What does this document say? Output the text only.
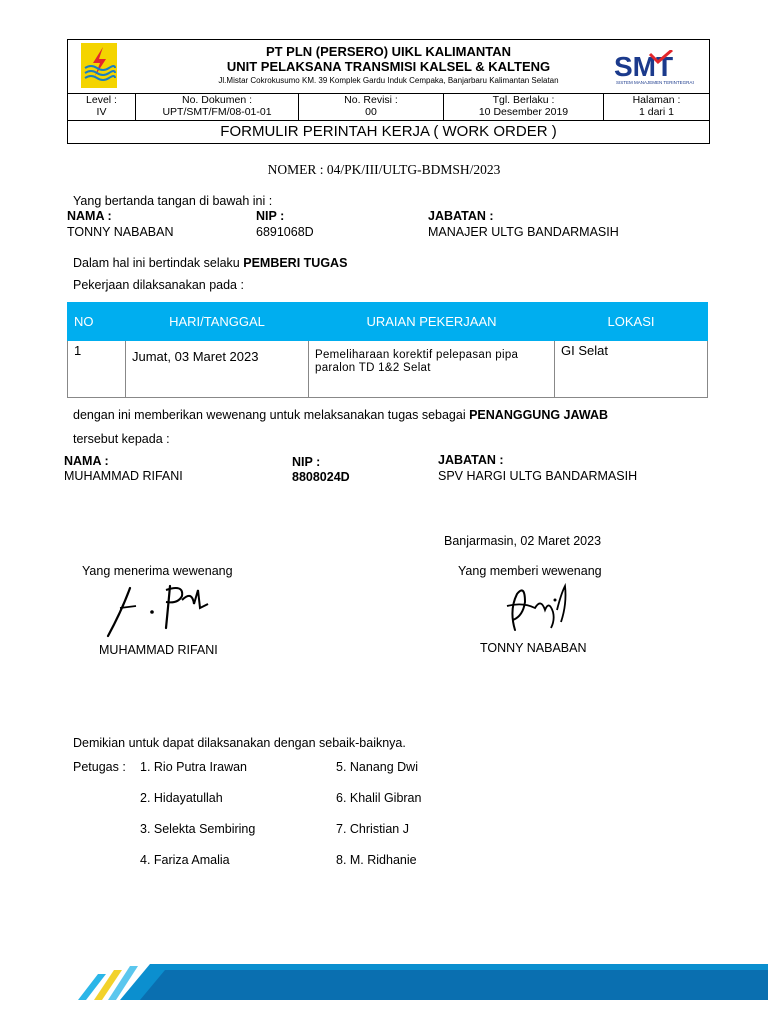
PT PLN (PERSERO) UIKL KALIMANTAN
UNIT PELAKSANA TRANSMISI KALSEL & KALTENG
Jl.Mistar Cokrokusumo KM. 39 Komplek Gardu Induk Cempaka, Banjarbaru Kalimantan Selatan	SMT
SISTEM MANAJEMEN TERINTEGRASI
Level :
IV
No. Dokumen :
UPT/SMT/FM/08-01-01
No. Revisi :
00
Tgl. Berlaku :
10 Desember 2019
Halaman :
1 dari 1
FORMULIR PERINTAH KERJA ( WORK ORDER )
NOMER : 04/PK/III/ULTG-BDMSH/2023
Yang bertanda tangan di bawah ini :
NAMA :	NIP :	JABATAN :
TONNY NABABAN	6891068D	MANAJER ULTG BANDARMASIH
Dalam hal ini bertindak selaku PEMBERI TUGAS
Pekerjaan dilaksanakan pada :
NO	HARI/TANGGAL	URAIAN PEKERJAAN	LOKASI
1	Jumat, 03 Maret 2023	Pemeliharaan korektif pelepasan pipa paralon TD 1&2 Selat	GI Selat
dengan ini memberikan wewenang untuk melaksanakan tugas sebagai PENANGGUNG JAWAB
tersebut kepada :
NAMA :	NIP :	JABATAN :
MUHAMMAD RIFANI	8808024D	SPV HARGI ULTG BANDARMASIH
Banjarmasin, 02 Maret 2023
Yang menerima wewenang
MUHAMMAD RIFANI
Yang memberi wewenang
TONNY NABABAN
Demikian untuk dapat dilaksanakan dengan sebaik-baiknya.
Petugas : 1. Rio Putra Irawan
2. Hidayatullah
3. Selekta Sembiring
4. Fariza Amalia
5. Nanang Dwi
6. Khalil Gibran
7. Christian J
8. M. Ridhanie
